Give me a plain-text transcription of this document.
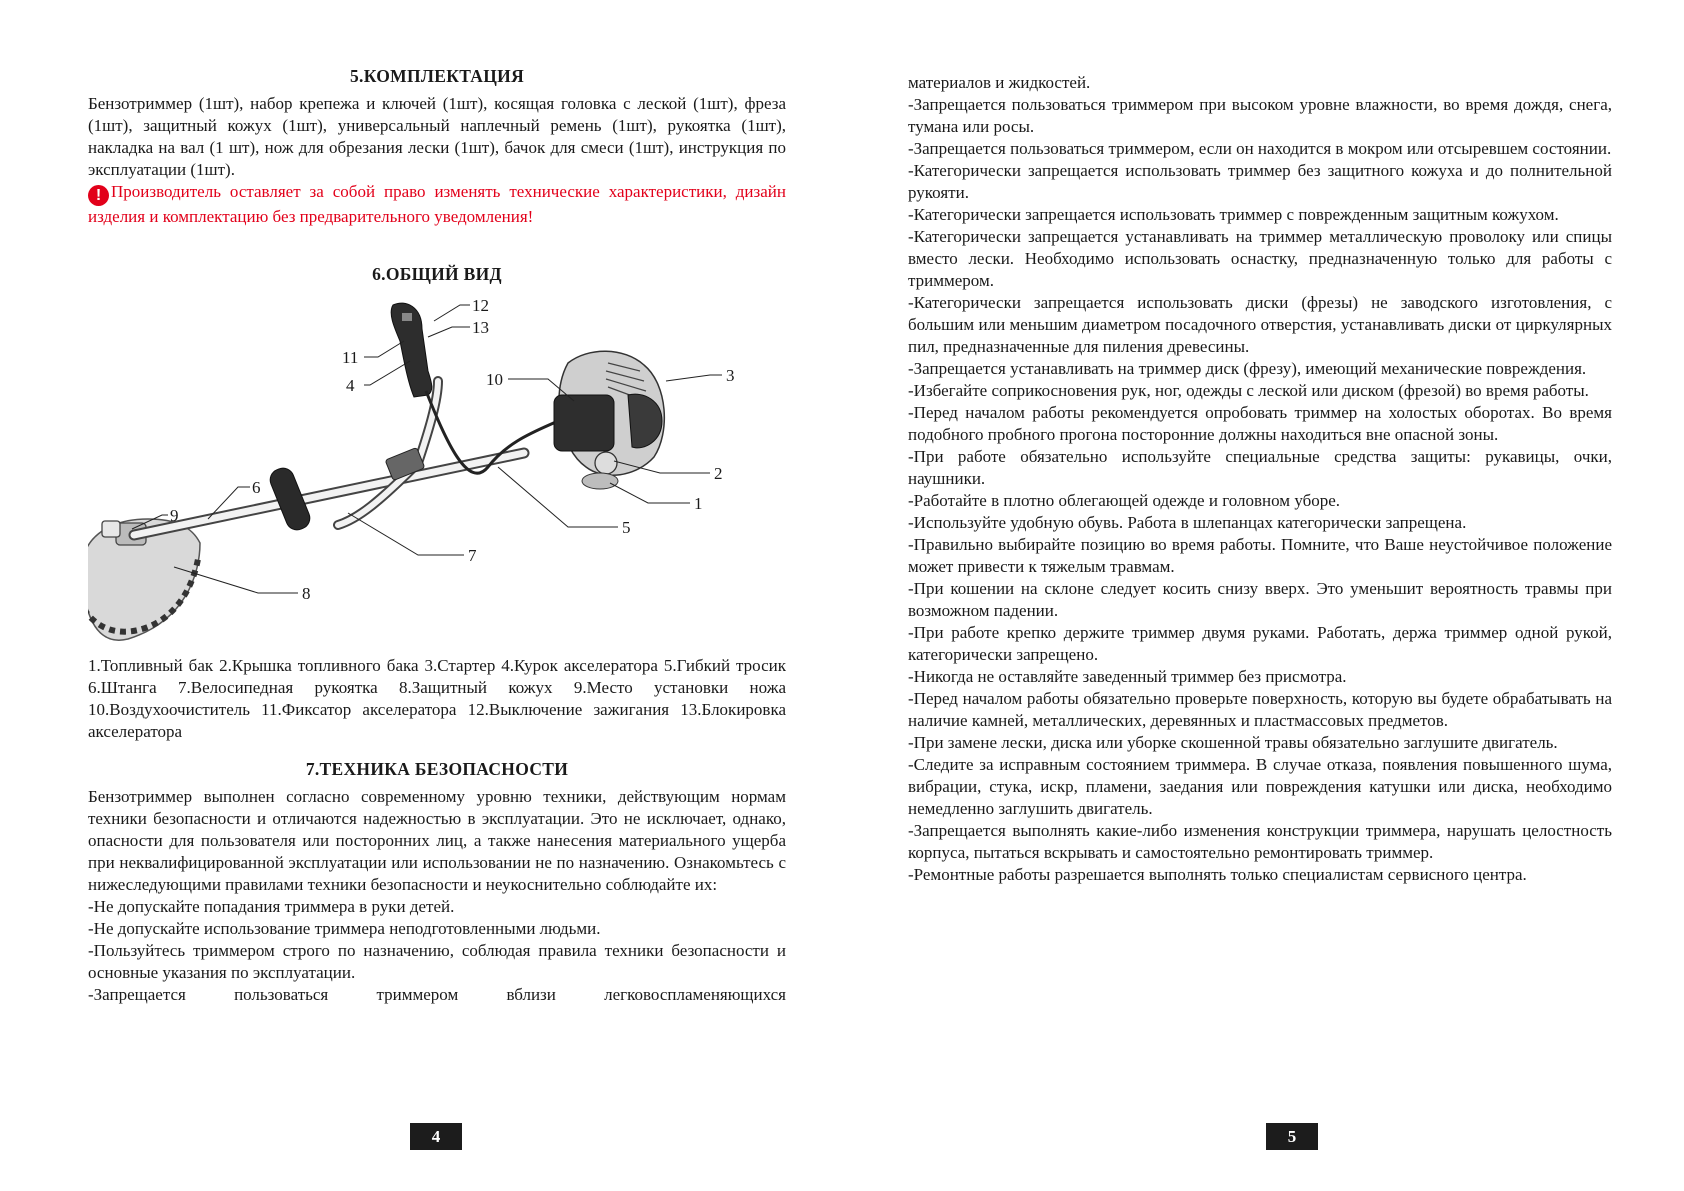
5.КОМПЛЕКТАЦИЯ

Бензотриммер (1шт), набор крепежа и ключей (1шт), косящая головка с леской (1шт), фреза (1шт), защитный кожух (1шт), универсальный наплечный ремень (1шт), рукоятка (1шт), накладка на вал (1 шт), нож для обрезания лески (1шт), бачок для смеси (1шт), инструкция по эксплуатации (1шт).

! Производитель оставляет за собой право изменять технические характеристики, дизайн изделия и комплектацию без предварительного уведомления!
6.ОБЩИЙ ВИД
12
13
11
4	10	3
2
1
5
6
9
7
8

1.Топливный бак 2.Крышка топливного бака 3.Стартер 4.Курок акселератора 5.Гибкий тросик 6.Штанга 7.Велосипедная рукоятка 8.Защитный кожух 9.Место установки ножа 10.Воздухоочиститель 11.Фиксатор акселератора 12.Выключение зажигания 13.Блокировка акселератора

7.ТЕХНИКА БЕЗОПАСНОСТИ

Бензотриммер выполнен согласно современному уровню техники, действующим нормам техники безопасности и отличаются надежностью в эксплуатации. Это не исключает, однако, опасности для пользователя или посторонних лиц, а также нанесения материального ущерба при неквалифицированной эксплуатации или использовании не по назначению. Ознакомьтесь с нижеследующими правилами техники безопасности и неукоснительно соблюдайте их:

-Не допускайте попадания триммера в руки детей.

-Не допускайте использование триммера неподготовленными людьми.

-Пользуйтесь триммером строго по назначению, соблюдая правила техники безопасности и основные указания по эксплуатации.

-Запрещается пользоваться триммером вблизи легковоспламеняющихся

4

материалов и жидкостей.

-Запрещается пользоваться триммером при высоком уровне влажности, во время дождя, снега, тумана или росы.

-Запрещается пользоваться триммером, если он находится в мокром или отсыревшем состоянии.

-Категорически запрещается использовать триммер без защитного кожуха и до полнительной рукояти.

-Категорически запрещается использовать триммер с поврежденным защитным кожухом.

-Категорически запрещается устанавливать на триммер металлическую проволоку или спицы вместо лески. Необходимо использовать оснастку, предназначенную только для работы с триммером.

-Категорически запрещается использовать диски (фрезы) не заводского изготовления, с большим или меньшим диаметром посадочного отверстия, устанавливать диски от циркулярных пил, предназначенные для пиления древесины.

-Запрещается устанавливать на триммер диск (фрезу), имеющий механические повреждения.

-Избегайте соприкосновения рук, ног, одежды с леской или диском (фрезой) во время работы.

-Перед началом работы рекомендуется опробовать триммер на холостых оборотах. Во время подобного пробного прогона посторонние должны находиться вне опасной зоны.

-При работе обязательно используйте специальные средства защиты: рукавицы, очки, наушники.

-Работайте в плотно облегающей одежде и головном уборе.

-Используйте удобную обувь. Работа в шлепанцах категорически запрещена.

-Правильно выбирайте позицию во время работы. Помните, что Ваше неустойчивое положение может привести к тяжелым травмам.

-При кошении на склоне следует косить снизу вверх. Это уменьшит вероятность травмы при возможном падении.

-При работе крепко держите триммер двумя руками. Работать, держа триммер одной рукой, категорически запрещено.

-Никогда не оставляйте заведенный триммер без присмотра.

-Перед началом работы обязательно проверьте поверхность, которую вы будете обрабатывать на наличие камней, металлических, деревянных и пластмассовых предметов.

-При замене лески, диска или уборке скошенной травы обязательно заглушите двигатель.

-Следите за исправным состоянием триммера. В случае отказа, появления повышенного шума, вибрации, стука, искр, пламени, заедания или повреждения катушки или диска, необходимо немедленно заглушить двигатель.

-Запрещается выполнять какие-либо изменения конструкции триммера, нарушать целостность корпуса, пытаться вскрывать и самостоятельно ремонтировать триммер.

-Ремонтные работы разрешается выполнять только специалистам сервисного центра.

5
